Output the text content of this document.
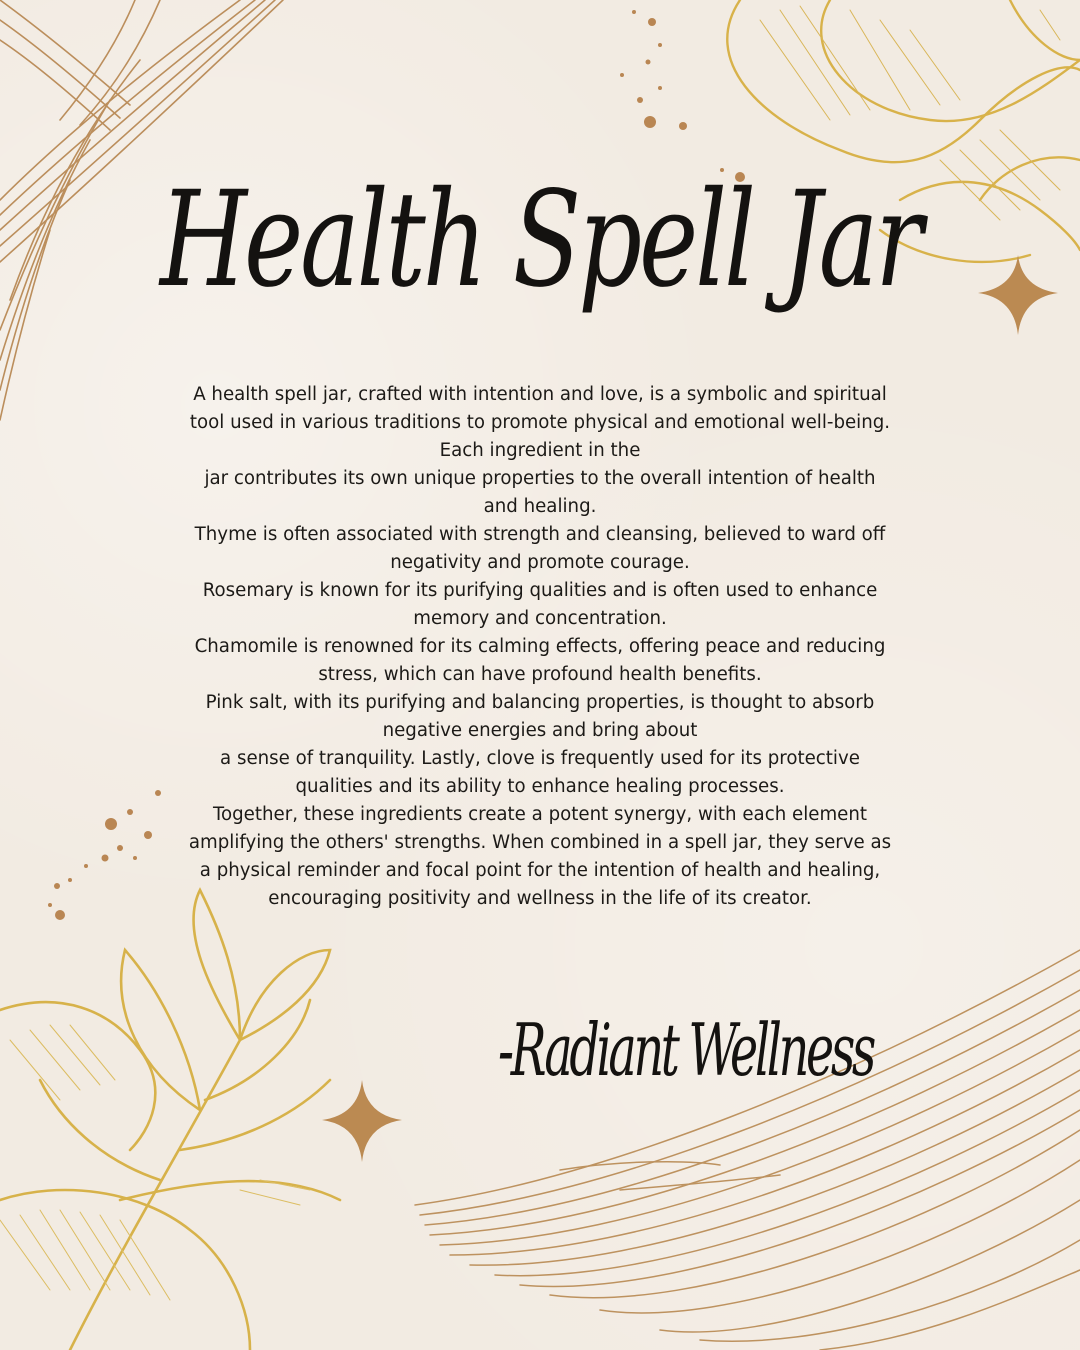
Health Spell Jar

A health spell jar, crafted with intention and love, is a symbolic and spiritual
tool used in various traditions to promote physical and emotional well-being.
Each ingredient in the
jar contributes its own unique properties to the overall intention of health
and healing.
Thyme is often associated with strength and cleansing, believed to ward off
negativity and promote courage.
Rosemary is known for its purifying qualities and is often used to enhance
memory and concentration.
Chamomile is renowned for its calming effects, offering peace and reducing
stress, which can have profound health benefits.
Pink salt, with its purifying and balancing properties, is thought to absorb
negative energies and bring about
a sense of tranquility. Lastly, clove is frequently used for its protective
qualities and its ability to enhance healing processes.
Together, these ingredients create a potent synergy, with each element
amplifying the others' strengths. When combined in a spell jar, they serve as
a physical reminder and focal point for the intention of health and healing,
encouraging positivity and wellness in the life of its creator.

-Radiant Wellness
